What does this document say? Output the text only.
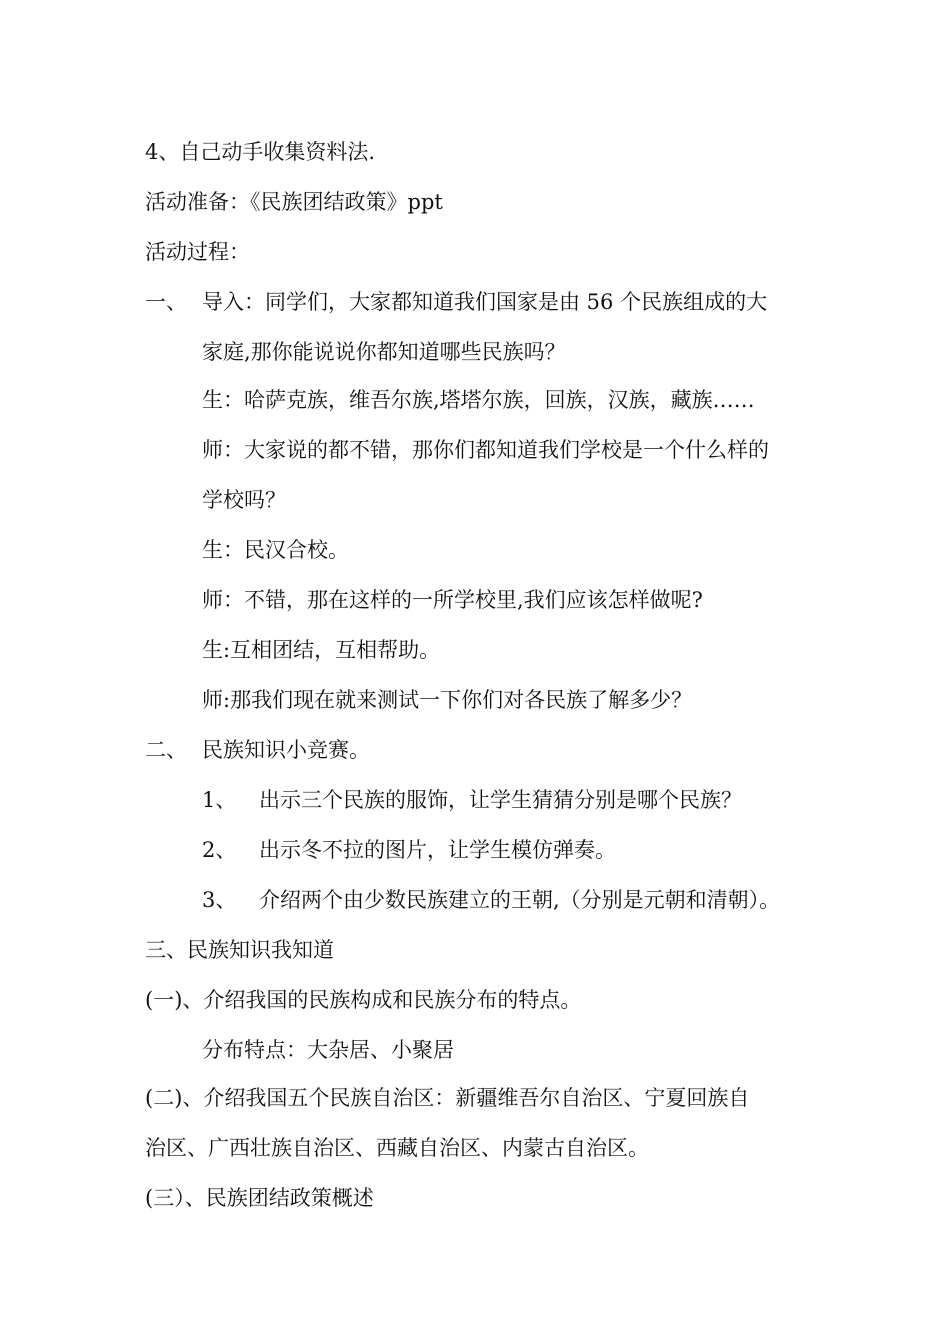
4、自己动手收集资料法.
活动准备：《民族团结政策》ppt
活动过程：
一、 导入：同学们，大家都知道我们国家是由 56 个民族组成的大
家庭,那你能说说你都知道哪些民族吗？
生：哈萨克族，维吾尔族,塔塔尔族，回族，汉族，藏族……
师：大家说的都不错，那你们都知道我们学校是一个什么样的
学校吗？
生：民汉合校。
师：不错，那在这样的一所学校里,我们应该怎样做呢?
生:互相团结，互相帮助。
师:那我们现在就来测试一下你们对各民族了解多少？
二、 民族知识小竞赛。
1、 出示三个民族的服饰，让学生猜猜分别是哪个民族？
2、 出示冬不拉的图片，让学生模仿弹奏。
3、 介绍两个由少数民族建立的王朝,（分别是元朝和清朝）。
三、民族知识我知道
(一)、介绍我国的民族构成和民族分布的特点。
分布特点：大杂居、小聚居
(二)、介绍我国五个民族自治区：新疆维吾尔自治区、宁夏回族自
治区、广西壮族自治区、西藏自治区、内蒙古自治区。
(三）、民族团结政策概述
